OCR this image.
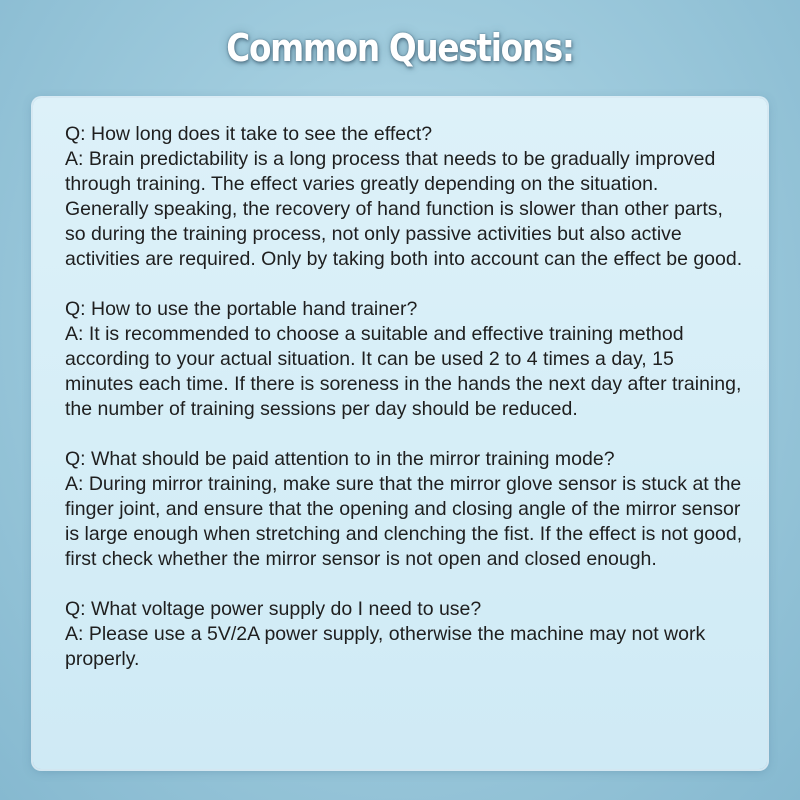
Common Questions:
Q: How long does it take to see the effect?
A: Brain predictability is a long process that needs to be gradually improved through training. The effect varies greatly depending on the situation. Generally speaking, the recovery of hand function is slower than other parts, so during the training process, not only passive activities but also active activities are required. Only by taking both into account can the effect be good.
Q: How to use the portable hand trainer?
A: It is recommended to choose a suitable and effective training method according to your actual situation. It can be used 2 to 4 times a day, 15 minutes each time. If there is soreness in the hands the next day after training, the number of training sessions per day should be reduced.
Q: What should be paid attention to in the mirror training mode?
A: During mirror training, make sure that the mirror glove sensor is stuck at the finger joint, and ensure that the opening and closing angle of the mirror sensor is large enough when stretching and clenching the fist. If the effect is not good, first check whether the mirror sensor is not open and closed enough.
Q: What voltage power supply do I need to use?
A: Please use a 5V/2A power supply, otherwise the machine may not work properly.
